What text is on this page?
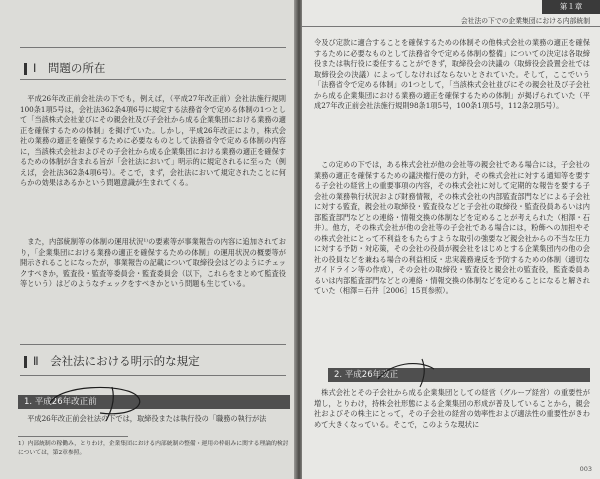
Ⅰ　問題の所在
平成26年改正前会社法の下でも，例えば，（平成27年改正前）会社法施行規則100条1項5号は，会社法362条4項6号に規定する法務省令で定める体制の1つとして「当該株式会社並びにその親会社及び子会社から成る企業集団における業務の適正を確保するための体制」を掲げていた。しかし，平成26年改正により，株式会社の業務の適正を確保するために必要なものとして法務省令で定める体制の内容に，当該株式会社およびその子会社から成る企業集団における業務の適正を確保するための体制が含まれる旨が「会社法において」明示的に規定されるに至った（例えば，会社法362条4項6号）。そこで，まず，会社法において規定されたことに何らかの効果はあるかという問題意識が生まれてくる。
また，内部統制等の体制の運用状況¹⁾の要素等が事業報告の内容に追加されており，「企業集団における業務の適正を確保するための体制」の運用状況の概要等が開示されることになったが，事業報告の記載について取締役会はどのようにチェックすべきか，監査役・監査等委員会・監査委員会（以下，これらをまとめて監査役等という）はどのようなチェックをすべきかという問題も生じている。
Ⅱ　会社法における明示的な規定
1. 平成26年改正前
平成26年改正前会社法の下では，取締役または執行役の「職務の執行が法
1）内部統制の稼働み，とりわけ，企業集団における内部統制の整備・運用の枠組みに関する理論的検討については，第2章参照。
第１章
会社法の下での企業集団における内部統制
令及び定款に適合することを確保するための体制その他株式会社の業務の適正を確保するために必要なものとして法務省令で定める体制の整備」についての決定は各取締役または執行役に委任することができず，取締役会の決議の（取締役会設置会社では取締役会の決議）によってしなければならないとされていた。そして，ここでいう「法務省令で定める体制」の1つとして，「当該株式会社並びにその親会社及び子会社から成る企業集団における業務の適正を確保するための体制」が掲げられていた（平成27年改正前会社法施行規則98条1項5号，100条1項5号，112条2項5号）。
この定めの下では，ある株式会社が他の会社等の親会社である場合には，子会社の業務の適正を確保するための議決権行使の方針，その株式会社に対する通知等を要する子会社の経営上の重要事項の内容，その株式会社に対して定期的な報告を要する子会社の業務執行状況および財務情報，その株式会社の内部監査部門などによる子会社に対する監査，親会社の取締役・監査役などと子会社の取締役・監査役員あるいは内部監査部門などとの連絡・情報交換の体制などを定めることが考えられた（相澤・石井）。他方，その株式会社が他の会社等の子会社である場合には，粉飾への加担やその株式会社にとって不利益をもたらすような取引の強要など親会社からの不当な圧力に対する予防・対応策，その会社の役員が親会社をはじめとする企業集団内の他の会社の役員などを兼ねる場合の利益相反・忠実義務違反を予防するための体制（適切なガイドライン等の作成），その会社の取締役・監査役と親会社の監査役，監査委員あるいは内部監査部門などとの連絡・情報交換の体制などを定めることになると解されていた（相澤＝石井［2006］15頁参照）。
2. 平成26年改正
株式会社とその子会社から成る企業集団としての経営（グループ経営）の重要性が増し，とりわけ，持株会社形態による企業集団の形成が普及していることから，親会社およびその株主にとって，その子会社の経営の効率性および適法性の重要性がきわめて大きくなっている。そこで，このような現状に
003
